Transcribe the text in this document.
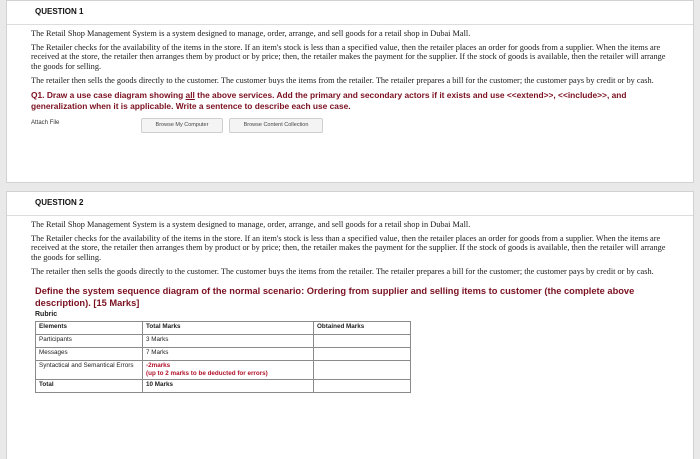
QUESTION 1

The Retail Shop Management System is a system designed to manage, order, arrange, and sell goods for a retail shop in Dubai Mall.

The Retailer checks for the availability of the items in the store. If an item's stock is less than a specified value, then the retailer places an order for goods from a supplier. When the items are received at the store, the retailer then arranges them by product or by price; then, the retailer makes the payment for the supplier. If the stock of goods is available, then the retailer will arrange the goods for selling.

The retailer then sells the goods directly to the customer. The customer buys the items from the retailer. The retailer prepares a bill for the customer; the customer pays by credit or by cash.

Q1. Draw a use case diagram showing all the above services. Add the primary and secondary actors if it exists and use <<extend>>, <<include>>, and generalization when it is applicable. Write a sentence to describe each use case.
Attach File	Browse My Computer	Browse Content Collection
QUESTION 2

The Retail Shop Management System is a system designed to manage, order, arrange, and sell goods for a retail shop in Dubai Mall.

The Retailer checks for the availability of the items in the store. If an item's stock is less than a specified value, then the retailer places an order for goods from a supplier. When the items are received at the store, the retailer then arranges them by product or by price; then, the retailer makes the payment for the supplier. If the stock of goods is available, then the retailer will arrange the goods for selling.

The retailer then sells the goods directly to the customer. The customer buys the items from the retailer. The retailer prepares a bill for the customer; the customer pays by credit or by cash.

Define the system sequence diagram of the normal scenario: Ordering from supplier and selling items to customer (the complete above description). [15 Marks]
Rubric
Elements	Total Marks	Obtained Marks
Participants	3 Marks	
Messages	7 Marks	
Syntactical and Semantical Errors	-2marks
(up to 2 marks to be deducted for errors)	

Total	10 Marks	
